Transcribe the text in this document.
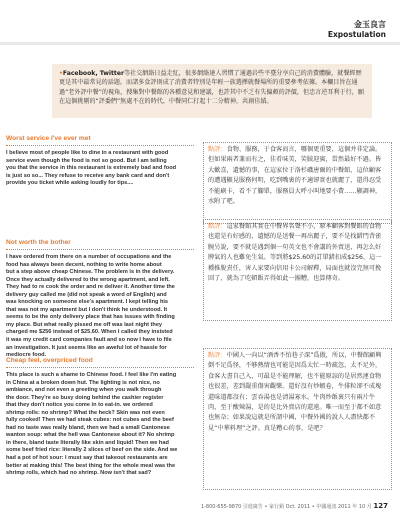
金玉良言
Expostulation
•Facebook, Twitter等社交網絡日益走紅，很多網絡達人習慣了通過岩些平臺分享自己的消費體驗，就餐經歷更是其中最常見的話題。而諸多食評則成了消費者特別是年輕一族選擇就餐場所的重要參考依據。本欄目旨在通過“老外評中餐”的視角，搜集對中餐館的各種意見和建議，也許其中不乏有失偏頗的評價，但忠言逆耳利于行，願在這個挑剔的“評委們”無處不在的時代，中餐同仁打起十二分精神，共創佳績。
Worst service I've ever met
I believe most of people like to dine in a restaurant with good
service even though the food is not so good. But I am telling
you that the service in this restaurant is extremely bad and food
is just so so... They refuse to receive any bank card and don't
provide you ticket while asking loudly for tips....
點評：食物、服務，于食客而言，哪個更重要，這個并非定論。但如果兩者兼而有之，佳肴味美，笑臉迎賓，當然最好不過。皆大歡喜，遺憾的事，在這家位于洛杉磯唐爾的中餐館，這位顧客的遭遇顯見服務何明，吃到嘴裏的不適卻實也就麗了，還得忍受不能刷卡，看不了腳單，服務員大呼小叫地要小費……顯調神，水附了吧。
Not worth the bother
I have ordered from there on a number of occupations and the
food has always been decent, nothing to write home about
but a step above cheap Chinese. The problem is in the delivery.
Once they actually delivered to the wrong apartment, and left.
They had to re cook the order and re deliver it. Another time the
delivery guy called me (did not speak a word of English) and
was knocking on someone else's apartment. I kept telling his
that was not my apartment but I don't think he understood. It
seems to be the only delivery place that has issues with finding
my place. But what really pissed me off was last night they
charged me $256 instead of $25.60. When I called they insisted
it was my credit card companies fault and so now I have to file
an investigation. It just seems like an aweful lot of hassle for
mediocre food.
點評：這家餐館其實在中餐界名聲不小，原本顧客對餐館的食物也還是有好感的，遺憾的是送餐一再出麗子，要不是找錯門背雀腕另說，要不就是遇到個一句英文也不會講的外賣送，再怎么好脾氣的人也難免生氣。等到將$25.60的訂單錯扣成$256，這一種推脫責任，害人家要向信用卡公司解釋，局面也就沒完無可挽回了，就為了吃頓飯弄得如此一團糟，也算傳奇。
Cheap feel, overpriced food
This place is such a shame to Chinese food. I feel like I'm eating
in China at a broken down hut. The lighting is not nice, no
ambiance, and not even a greeting when you walk through
the door. They're so busy doing behind the cashier register
that they don't notice you come in to eat-in. we ordered
shrimp rolls: no shrimp? What the heck? Skin was not even
fully cooked! Then we had steak cubes: not cubes and the beef
had no taste was really bland, then we had a small Cantonese
wanton soup: what the hell was Cantonese about it? No shrimp
in there, bland taste literally like skin and liquid! Then we had
some beef fried rice: literally 2 slices of beef on the side. And we
had a pot of hot sour: I must say that takeout restaurants are
better at making this! The best thing for the whole meal was the
shrimp rolls, which had no shrimp. Now isn't that sad?
點評：中國人一向以“酒香不怕巷子深”爲傲，所以，中餐館顧興倒不足爲怪，不够熱情也可能是因爲太忙一時疏忽，太不足外，食客大書自己入，可最是不能理解，也不能原諒的是居然連食物也很差，差到嚴重傷害觀樂。還好沒有炒蝦卷，牛排粒卻不成塊還味道都沒有；雲吞湯也是清湯寡水，牛肉炒飯裏只有兩片牛肉，至于酸辣湯，是的是比外賣店的還遠。唯一而至于都不如意也無奈；如果說這就是所謂中國，中餐外國的說人人盡快都不見“中華料理”之評。真是糟心的事，是吧？
1-800-655-9870 引進廣告 • 家行銷 Oct. 2011 • 中國通訊 2011 年 10 月 127
